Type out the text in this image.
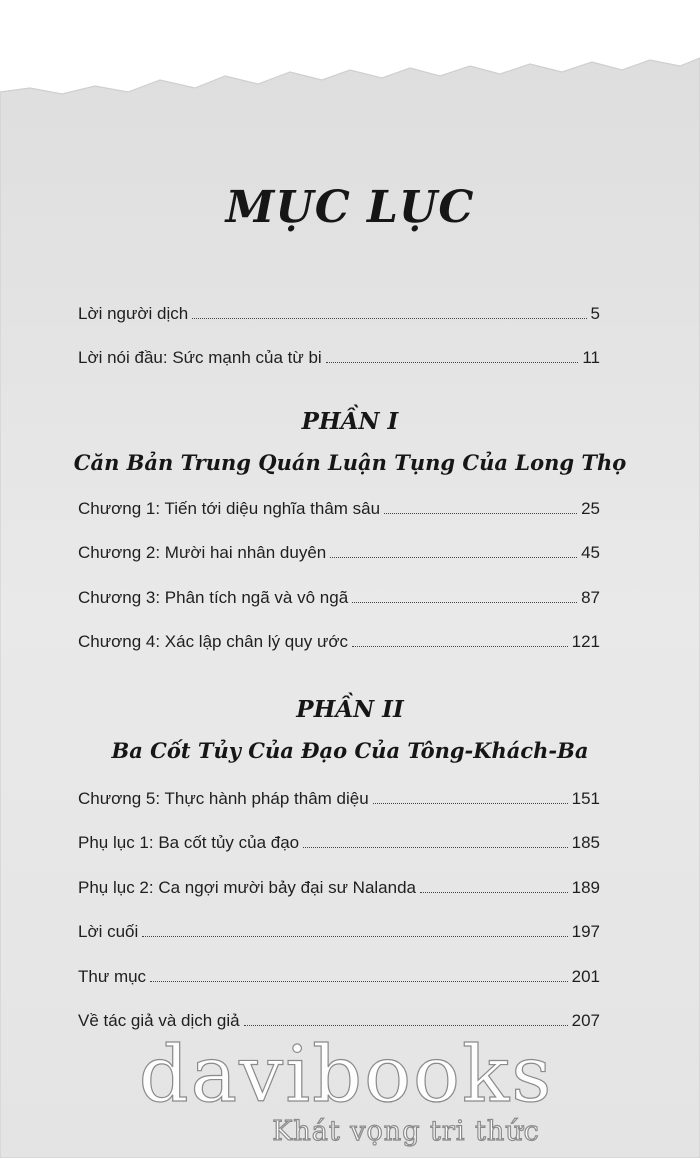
MỤC LỤC
Lời người dịch	5
Lời nói đầu: Sức mạnh của từ bi	11
PHẦN I
Căn Bản Trung Quán Luận Tụng Của Long Thọ
Chương 1: Tiến tới diệu nghĩa thâm sâu	25
Chương 2: Mười hai nhân duyên	45
Chương 3: Phân tích ngã và vô ngã	87
Chương 4: Xác lập chân lý quy ước	121
PHẦN II
Ba Cốt Tủy Của Đạo Của Tông-Khách-Ba
Chương 5: Thực hành pháp thâm diệu	151
Phụ lục 1: Ba cốt tủy của đạo	185
Phụ lục 2: Ca ngợi mười bảy đại sư Nalanda	189
Lời cuối	197
Thư mục	201
Về tác giả và dịch giả	207
davibooks
Khát vọng tri thức
